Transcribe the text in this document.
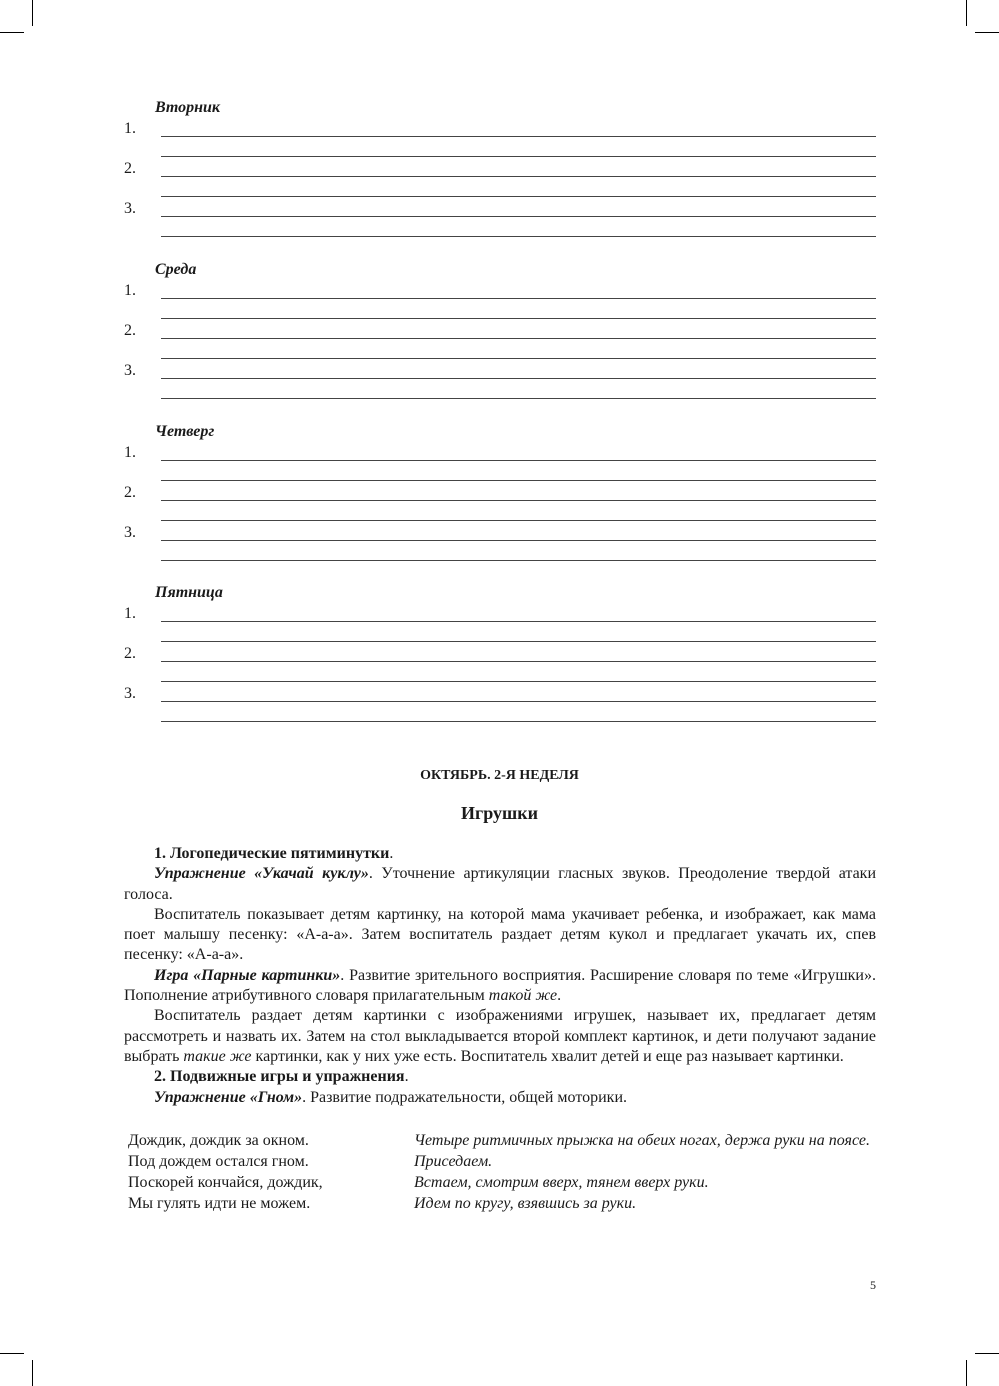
Вторник
1.
2.
3.
Среда
1.
2.
3.
Четверг
1.
2.
3.
Пятница
1.
2.
3.
ОКТЯБРЬ. 2-Я НЕДЕЛЯ
Игрушки

1. Логопедические пятиминутки.

Упражнение «Укачай куклу». Уточнение артикуляции гласных звуков. Преодоление твердой атаки голоса.

Воспитатель показывает детям картинку, на которой мама укачивает ребенка, и изображает, как мама поет малышу песенку: «А-а-а». Затем воспитатель раздает детям кукол и предлагает укачать их, спев песенку: «А-а-а».

Игра «Парные картинки». Развитие зрительного восприятия. Расширение словаря по теме «Игрушки». Пополнение атрибутивного словаря прилагательным такой же.

Воспитатель раздает детям картинки с изображениями игрушек, называет их, предлагает детям рассмотреть и назвать их. Затем на стол выкладывается второй комплект картинок, и дети получают задание выбрать такие же картинки, как у них уже есть. Воспитатель хвалит детей и еще раз называет картинки.

2. Подвижные игры и упражнения.

Упражнение «Гном». Развитие подражательности, общей моторики.

Дождик, дождик за окном.	Четыре ритмичных прыжка на обеих ногах, держа руки на поясе.
Под дождем остался гном.	Приседаем.
Поскорей кончайся, дождик,	Встаем, смотрим вверх, тянем вверх руки.
Мы гулять идти не можем.	Идем по кругу, взявшись за руки.
5
